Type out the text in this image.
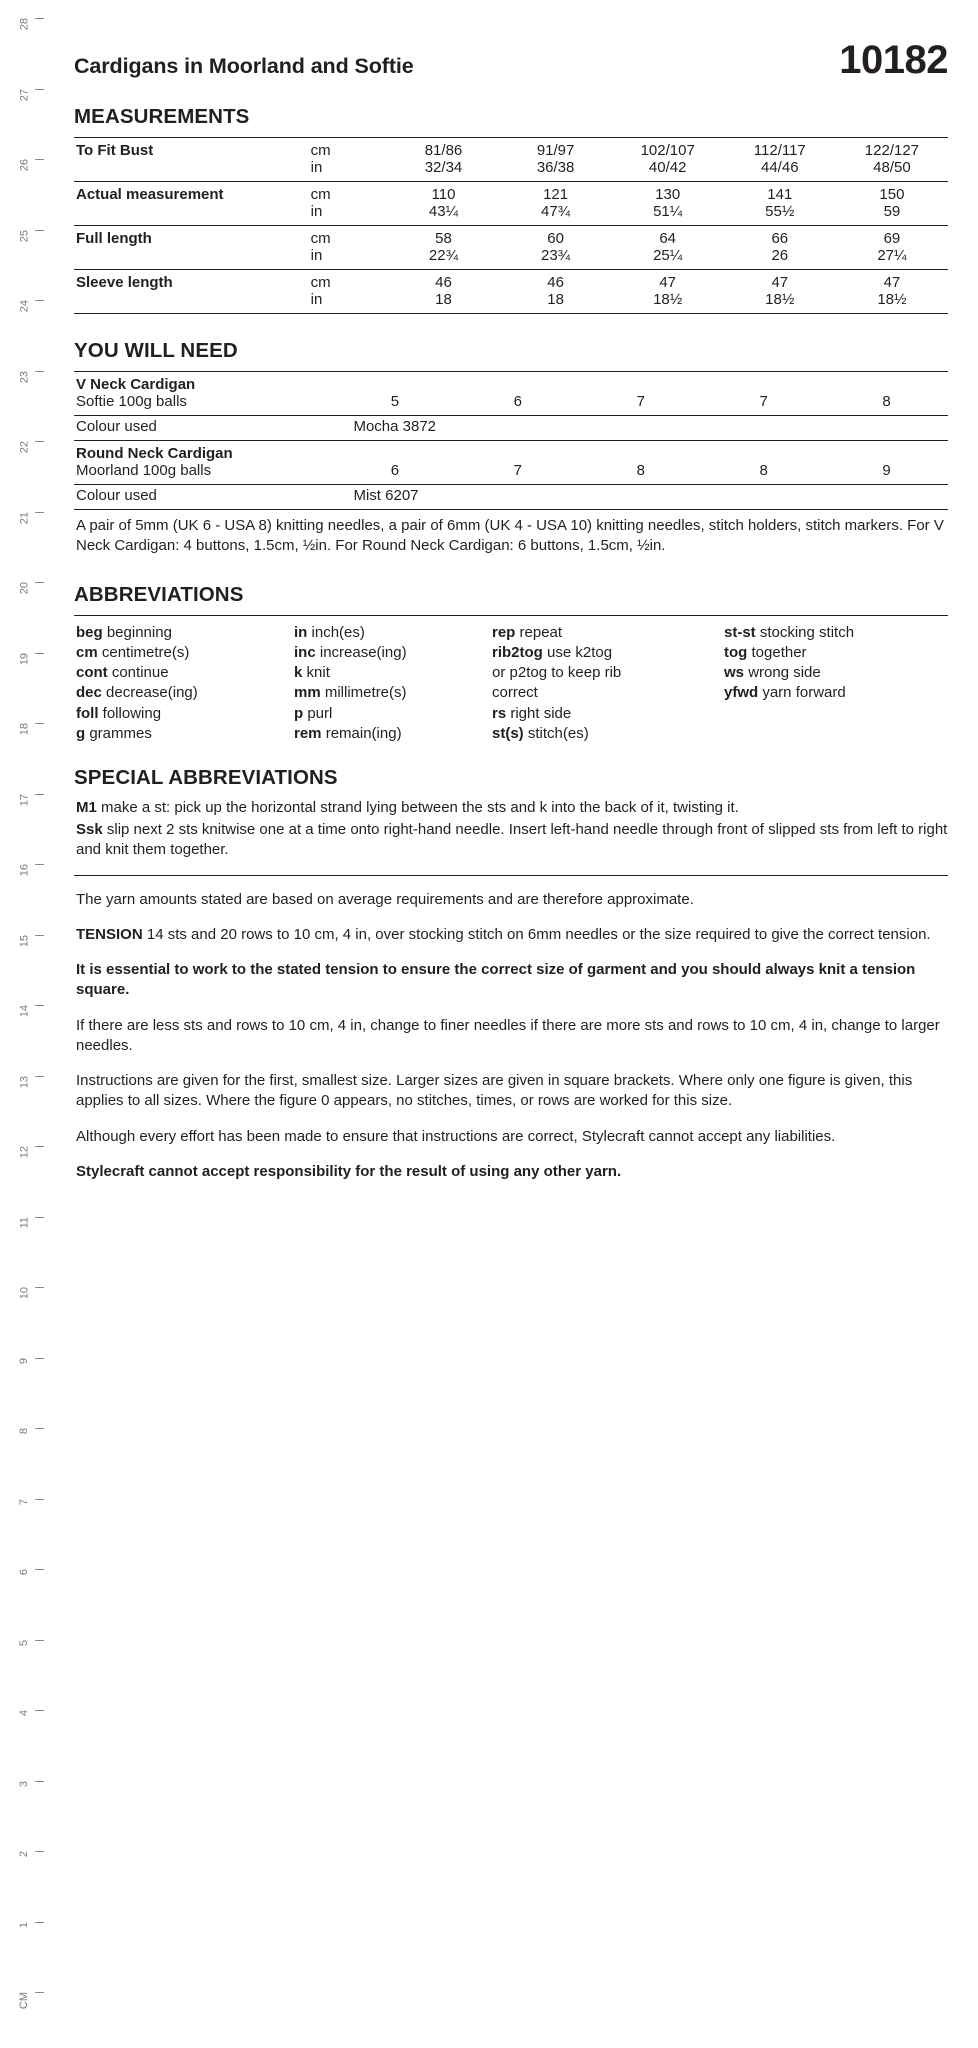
28
27
26
25
24
23
22
21
20
19
18
17
16
15
14
13
12
11
10
9
8
7
6
5
4
3
2
1
CM
Cardigans in Moorland and Softie	10182
MEASUREMENTS
To Fit Bust	cm	81/86	91/97	102/107	112/117	122/127
	in	32/34	36/38	40/42	44/46	48/50
Actual measurement	cm	110	121	130	141	150
	in	43¼	47¾	51¼	55½	59
Full length	cm	58	60	64	66	69
	in	22¾	23¾	25¼	26	27¼
Sleeve length	cm	46	46	47	47	47
	in	18	18	18½	18½	18½

YOU WILL NEED
V Neck Cardigan					
Softie 100g balls	5	6	7	7	8
Colour used	Mocha 3872				
Round Neck Cardigan					
Moorland 100g balls	6	7	8	8	9
Colour used	Mist 6207				

A pair of 5mm (UK 6 - USA 8) knitting needles, a pair of 6mm (UK 4 - USA 10) knitting needles, stitch holders, stitch markers. For V Neck Cardigan: 4 buttons, 1.5cm, ½in. For Round Neck Cardigan: 6 buttons, 1.5cm, ½in.
ABBREVIATIONS
beg beginning
cm centimetre(s)
cont continue
dec decrease(ing)
foll following
g grammes
in inch(es)
inc increase(ing)
k knit
mm millimetre(s)
p purl
rem remain(ing)
rep repeat
rib2tog use k2tog
or p2tog to keep rib
correct
rs right side
st(s) stitch(es)
st-st stocking stitch
tog together
ws wrong side
yfwd yarn forward
SPECIAL ABBREVIATIONS

M1 make a st: pick up the horizontal strand lying between the sts and k into the back of it, twisting it.

Ssk slip next 2 sts knitwise one at a time onto right-hand needle. Insert left-hand needle through front of slipped sts from left to right and knit them together.

The yarn amounts stated are based on average requirements and are therefore approximate.

TENSION 14 sts and 20 rows to 10 cm, 4 in, over stocking stitch on 6mm needles or the size required to give the correct tension.

It is essential to work to the stated tension to ensure the correct size of garment and you should always knit a tension square.

If there are less sts and rows to 10 cm, 4 in, change to finer needles if there are more sts and rows to 10 cm, 4 in, change to larger needles.

Instructions are given for the first, smallest size. Larger sizes are given in square brackets. Where only one figure is given, this applies to all sizes. Where the figure 0 appears, no stitches, times, or rows are worked for this size.

Although every effort has been made to ensure that instructions are correct, Stylecraft cannot accept any liabilities.

Stylecraft cannot accept responsibility for the result of using any other yarn.
